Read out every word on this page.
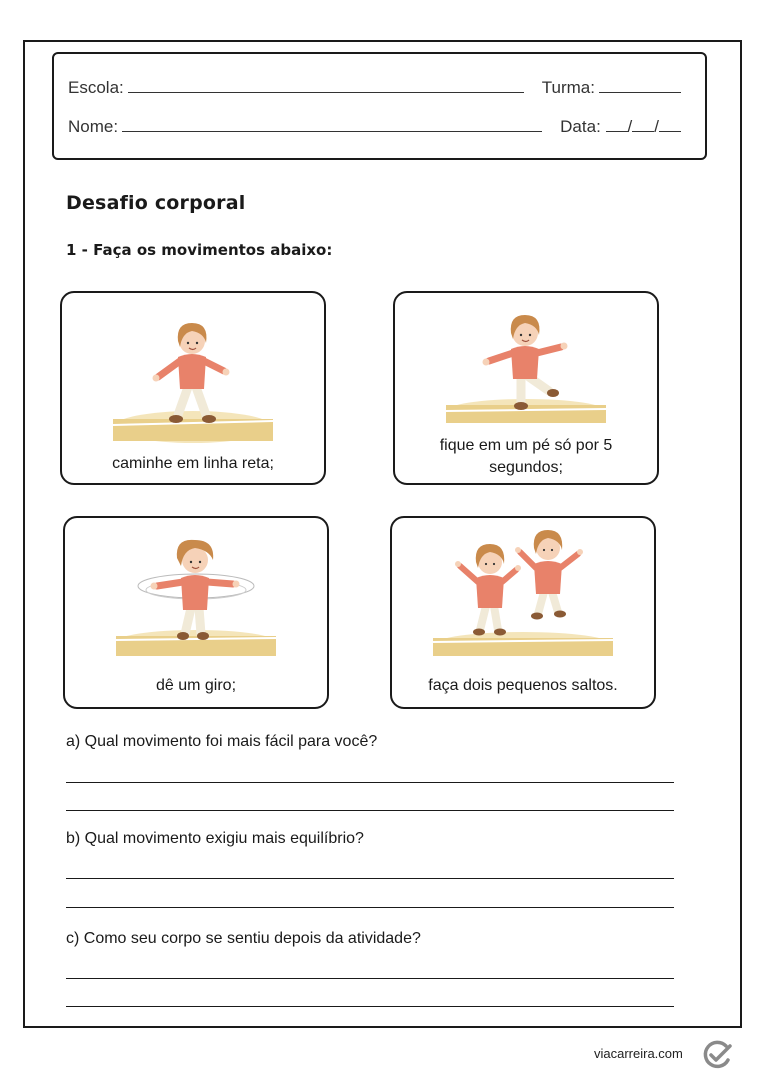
Escola:	Turma:
Nome:	Data:	/ /
Desafio corporal
1 - Faça os movimentos abaixo:
caminhe em linha reta;
fique em um pé só por 5 segundos;
dê um giro;	faça dois pequenos saltos.
a) Qual movimento foi mais fácil para você?
b) Qual movimento exigiu mais equilíbrio?
c) Como seu corpo se sentiu depois da atividade?
viacarreira.com
